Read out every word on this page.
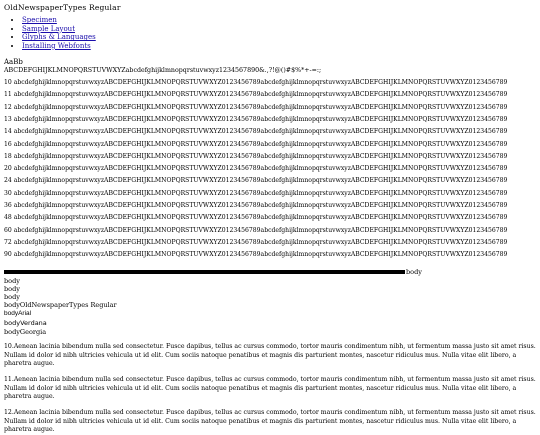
OldNewspaperTypes Regular
• Specimen
• Sample Layout
• Glyphs & Languages
• Installing Webfonts
AaBb
ABCDEFGHIJKLMNOPQRSTUVWXYZabcdefghijklmnopqrstuvwxyz1234567890&.,?!@()#$%*+-=:;
10 abcdefghijklmnopqrstuvwxyzABCDEFGHIJKLMNOPQRSTUVWXYZ0123456789abcdefghijklmnopqrstuvwxyzABCDEFGHIJKLMNOPQRSTUVWXYZ0123456789
11 abcdefghijklmnopqrstuvwxyzABCDEFGHIJKLMNOPQRSTUVWXYZ0123456789abcdefghijklmnopqrstuvwxyzABCDEFGHIJKLMNOPQRSTUVWXYZ0123456789
12 abcdefghijklmnopqrstuvwxyzABCDEFGHIJKLMNOPQRSTUVWXYZ0123456789abcdefghijklmnopqrstuvwxyzABCDEFGHIJKLMNOPQRSTUVWXYZ0123456789
13 abcdefghijklmnopqrstuvwxyzABCDEFGHIJKLMNOPQRSTUVWXYZ0123456789abcdefghijklmnopqrstuvwxyzABCDEFGHIJKLMNOPQRSTUVWXYZ0123456789
14 abcdefghijklmnopqrstuvwxyzABCDEFGHIJKLMNOPQRSTUVWXYZ0123456789abcdefghijklmnopqrstuvwxyzABCDEFGHIJKLMNOPQRSTUVWXYZ0123456789
16 abcdefghijklmnopqrstuvwxyzABCDEFGHIJKLMNOPQRSTUVWXYZ0123456789abcdefghijklmnopqrstuvwxyzABCDEFGHIJKLMNOPQRSTUVWXYZ0123456789
18 abcdefghijklmnopqrstuvwxyzABCDEFGHIJKLMNOPQRSTUVWXYZ0123456789abcdefghijklmnopqrstuvwxyzABCDEFGHIJKLMNOPQRSTUVWXYZ0123456789
20 abcdefghijklmnopqrstuvwxyzABCDEFGHIJKLMNOPQRSTUVWXYZ0123456789abcdefghijklmnopqrstuvwxyzABCDEFGHIJKLMNOPQRSTUVWXYZ0123456789
24 abcdefghijklmnopqrstuvwxyzABCDEFGHIJKLMNOPQRSTUVWXYZ0123456789abcdefghijklmnopqrstuvwxyzABCDEFGHIJKLMNOPQRSTUVWXYZ0123456789
30 abcdefghijklmnopqrstuvwxyzABCDEFGHIJKLMNOPQRSTUVWXYZ0123456789abcdefghijklmnopqrstuvwxyzABCDEFGHIJKLMNOPQRSTUVWXYZ0123456789
36 abcdefghijklmnopqrstuvwxyzABCDEFGHIJKLMNOPQRSTUVWXYZ0123456789abcdefghijklmnopqrstuvwxyzABCDEFGHIJKLMNOPQRSTUVWXYZ0123456789
48 abcdefghijklmnopqrstuvwxyzABCDEFGHIJKLMNOPQRSTUVWXYZ0123456789abcdefghijklmnopqrstuvwxyzABCDEFGHIJKLMNOPQRSTUVWXYZ0123456789
60 abcdefghijklmnopqrstuvwxyzABCDEFGHIJKLMNOPQRSTUVWXYZ0123456789abcdefghijklmnopqrstuvwxyzABCDEFGHIJKLMNOPQRSTUVWXYZ0123456789
72 abcdefghijklmnopqrstuvwxyzABCDEFGHIJKLMNOPQRSTUVWXYZ0123456789abcdefghijklmnopqrstuvwxyzABCDEFGHIJKLMNOPQRSTUVWXYZ0123456789
90 abcdefghijklmnopqrstuvwxyzABCDEFGHIJKLMNOPQRSTUVWXYZ0123456789abcdefghijklmnopqrstuvwxyzABCDEFGHIJKLMNOPQRSTUVWXYZ0123456789
body
body
body
body
bodyOldNewspaperTypes Regular
bodyArial
bodyVerdana
bodyGeorgia
10.Aenean lacinia bibendum nulla sed consectetur. Fusce dapibus, tellus ac cursus commodo, tortor mauris condimentum nibh, ut fermentum massa justo sit amet risus. Nullam id dolor id nibh ultricies vehicula ut id elit. Cum sociis natoque penatibus et magnis dis parturient montes, nascetur ridiculus mus. Nulla vitae elit libero, a pharetra augue.
11.Aenean lacinia bibendum nulla sed consectetur. Fusce dapibus, tellus ac cursus commodo, tortor mauris condimentum nibh, ut fermentum massa justo sit amet risus. Nullam id dolor id nibh ultricies vehicula ut id elit. Cum sociis natoque penatibus et magnis dis parturient montes, nascetur ridiculus mus. Nulla vitae elit libero, a pharetra augue.
12.Aenean lacinia bibendum nulla sed consectetur. Fusce dapibus, tellus ac cursus commodo, tortor mauris condimentum nibh, ut fermentum massa justo sit amet risus. Nullam id dolor id nibh ultricies vehicula ut id elit. Cum sociis natoque penatibus et magnis dis parturient montes, nascetur ridiculus mus. Nulla vitae elit libero, a pharetra augue.
